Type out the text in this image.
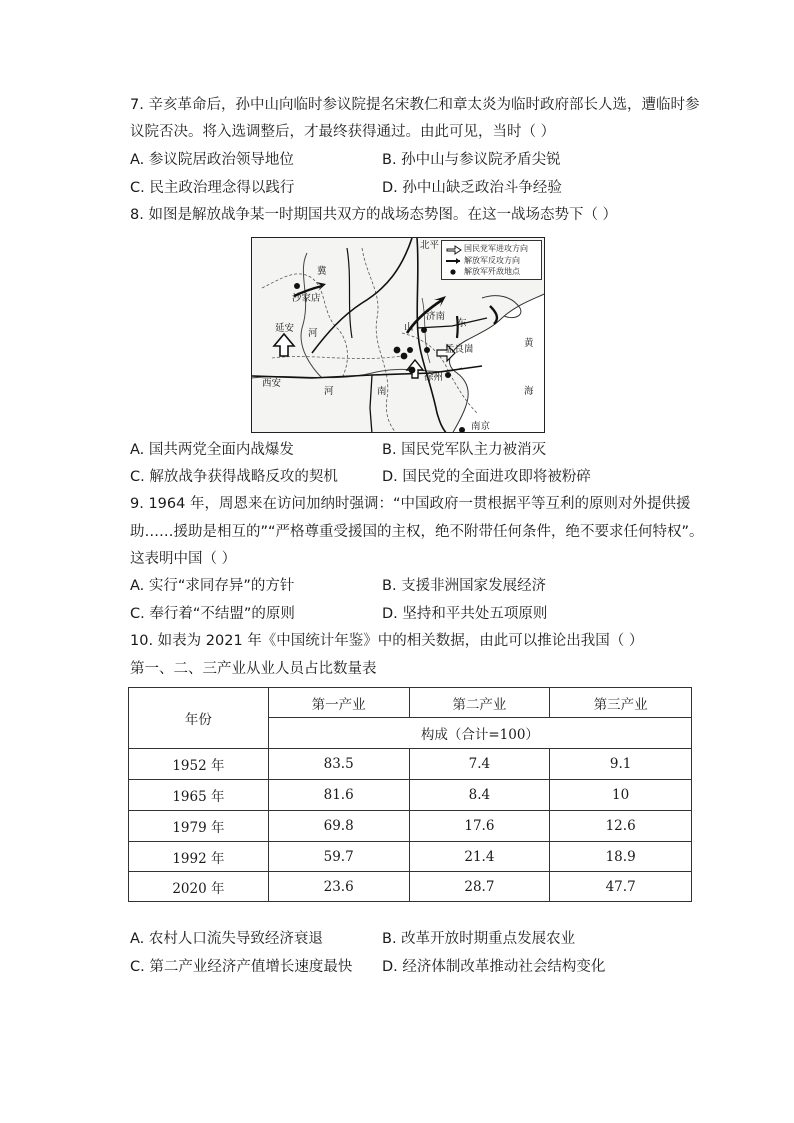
7. 辛亥革命后，孙中山向临时参议院提名宋教仁和章太炎为临时政府部长人选，遭临时参
议院否决。将入选调整后，才最终获得通过。由此可见，当时（ ）
A. 参议院居政治领导地位	B. 孙中山与参议院矛盾尖锐
C. 民主政治理念得以践行	D. 孙中山缺乏政治斗争经验
8. 如图是解放战争某一时期国共双方的战场态势图。在这一战场态势下（ ）
国民党军进攻方向
解放军反攻方向
解放军歼敌地点
北平
冀
沙家店
延安 河
济南
山	东
孟良崮
西安
河	南
徐州
黄
海
南京
A. 国共两党全面内战爆发	B. 国民党军队主力被消灭
C. 解放战争获得战略反攻的契机	D. 国民党的全面进攻即将被粉碎
9. 1964 年，周恩来在访问加纳时强调：“中国政府一贯根据平等互利的原则对外提供援
助……援助是相互的”“严格尊重受援国的主权，绝不附带任何条件，绝不要求任何特权”。
这表明中国（ ）
A. 实行“求同存异”的方针	B. 支援非洲国家发展经济
C. 奉行着“不结盟”的原则	D. 坚持和平共处五项原则
10. 如表为 2021 年《中国统计年鉴》中的相关数据，由此可以推论出我国（ ）
第一、二、三产业从业人员占比数量表
年份	第一产业	第二产业	第三产业
	构成（合计=100）		
1952 年	83.5	7.4	9.1
1965 年	81.6	8.4	10
1979 年	69.8	17.6	12.6
1992 年	59.7	21.4	18.9
2020 年	23.6	28.7	47.7
A. 农村人口流失导致经济衰退	B. 改革开放时期重点发展农业
C. 第二产业经济产值增长速度最快 D. 经济体制改革推动社会结构变化
